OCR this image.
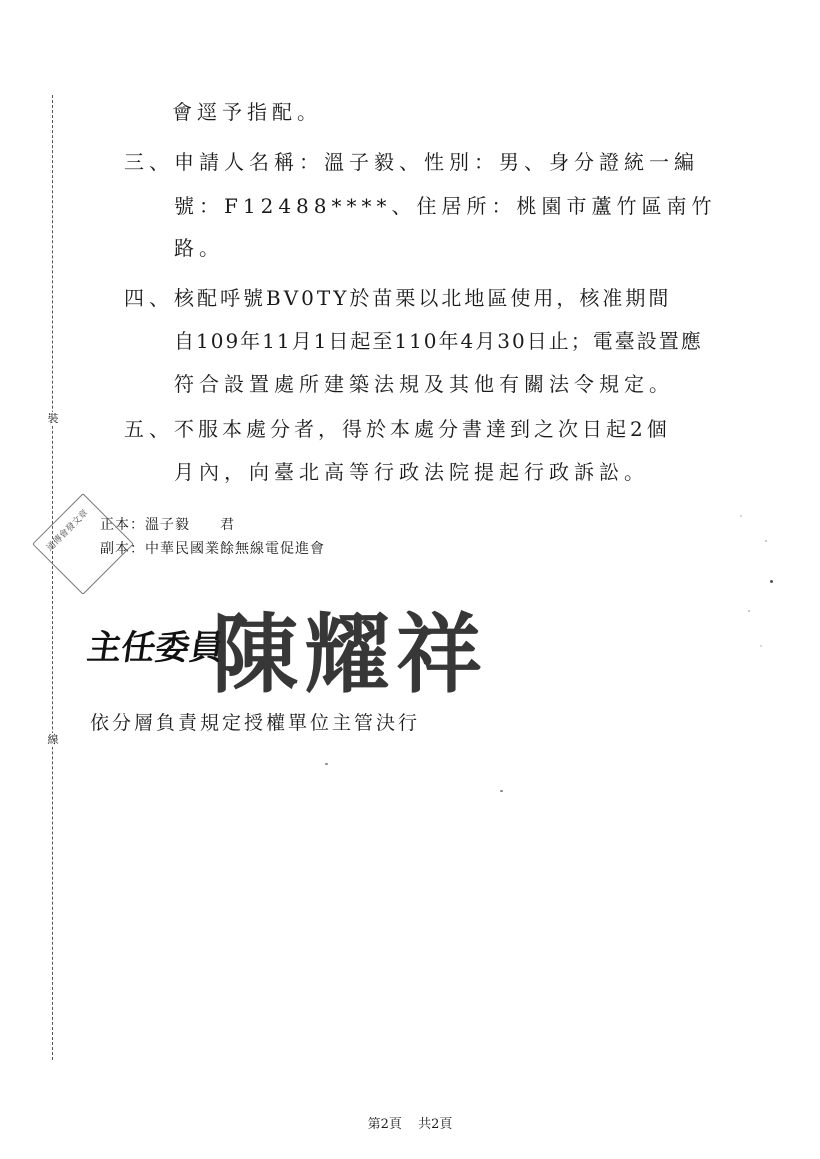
裝
線
會逕予指配。
三、 申請人名稱：溫子毅、性別：男、身分證統一編
號：F12488****、住居所：桃園市蘆竹區南竹
路。
四、 核配呼號BV0TY於苗栗以北地區使用，核准期間
自109年11月1日起至110年4月30日止；電臺設置應
符合設置處所建築法規及其他有關法令規定。
五、 不服本處分者，得於本處分書達到之次日起2個
月內，向臺北高等行政法院提起行政訴訟。
正本：溫子毅　　君
副本：中華民國業餘無線電促進會
通傳會發文章
主任委員
陳耀祥
依分層負責規定授權單位主管決行
第2頁 共2頁
